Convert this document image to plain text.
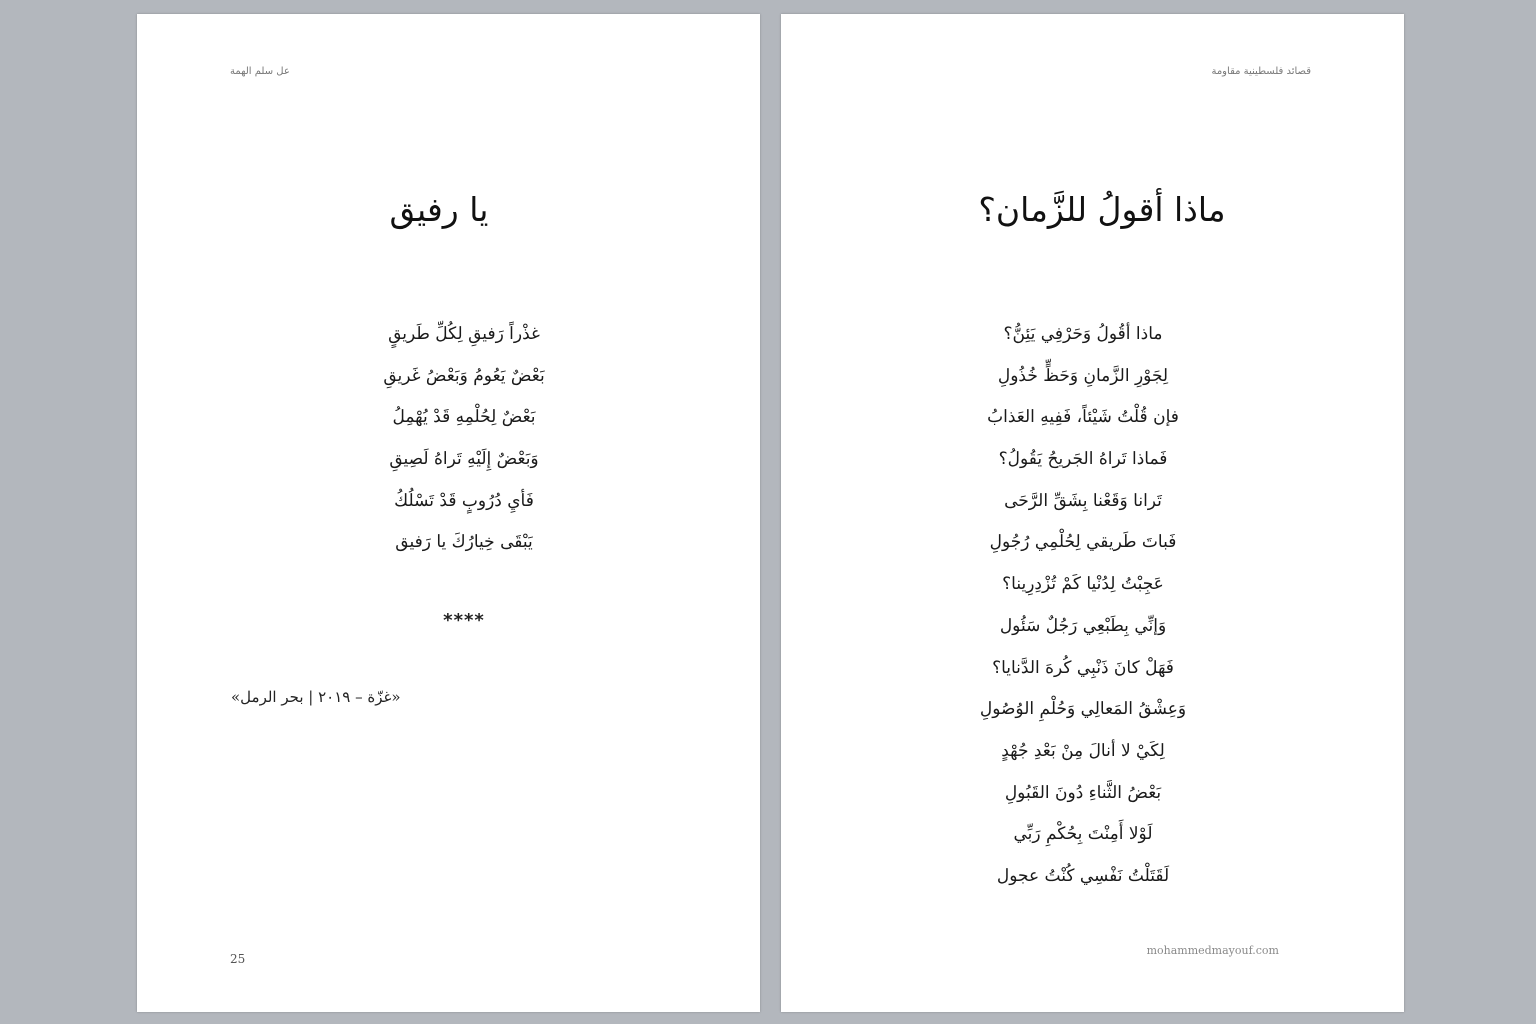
عل سلم الهمة
يا رفيق
غذْراً رَفيقِ لِكُلِّ طَريقٍ
بَعْضٌ يَعُومُ وَبَعْضُ غَريقِ
بَعْضٌ لِحُلْمِهِ قَدْ يُهْمِلُ
وَبَعْضٌ إِلَيْهِ تَراهُ لَصِيقِ
فَأيِ دُرُوبٍ قَدْ تَسْلُكُ
يَبْقَى خِيارُكَ يا رَفيق
****
«غزّة – ٢٠١٩ | بحر الرمل»
25
قصائد فلسطينية مقاومة
ماذا أقولُ للزَّمان؟
ماذا أقُولُ وَحَرْفِي يَئِنُّ؟
لِجَوْرِ الزَّمانِ وَحَظٍّ خُذُولِ
فإن قُلْتُ شَيْئاً، فَفِيهِ العَذابُ
فَماذا تَراهُ الجَريحُ يَقُولُ؟
تَرانا وَقَعْنا بِشَقِّ الرَّحَى
فَباتَ طَريقي لِحُلْمِي رُجُولِ
عَجِبْتُ لِدُنْيا كَمْ تُزْدِرِينا؟
وَإنِّي بِطَبْعِي رَجُلٌ سَئُول
فَهَلْ كانَ ذَنْبِي كُرهَ الدَّنايا؟
وَعِشْقُ المَعالِي وَحُلْمِ الوُصُولِ
لِكَيْ لا أنالَ مِنْ بَعْدِ جُهْدٍ
بَعْضُ الثَّناءِ دُونَ القَبُولِ
لَوْلا أَمِنْتَ بِحُكْمِ رَبِّي
لَقَتَلْتُ نَفْسِي كُنْتُ عجول
mohammedmayouf.com
